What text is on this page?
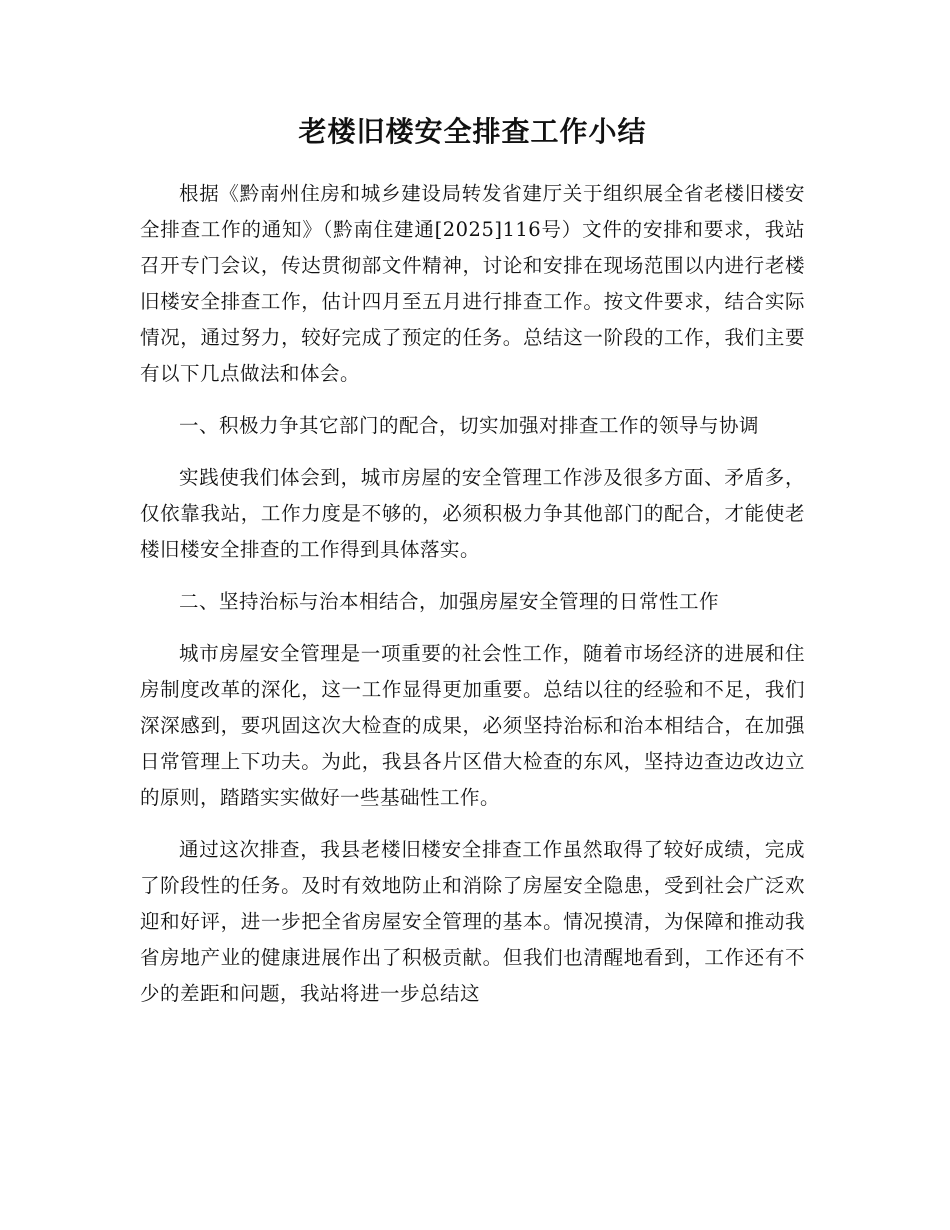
老楼旧楼安全排查工作小结

根据《黔南州住房和城乡建设局转发省建厅关于组织展全省老楼旧楼安全排查工作的通知》（黔南住建通[2025]116号）文件的安排和要求，我站召开专门会议，传达贯彻部文件精神，讨论和安排在现场范围以内进行老楼旧楼安全排查工作，估计四月至五月进行排查工作。按文件要求，结合实际情况，通过努力，较好完成了预定的任务。总结这一阶段的工作，我们主要有以下几点做法和体会。

一、积极力争其它部门的配合，切实加强对排查工作的领导与协调

实践使我们体会到，城市房屋的安全管理工作涉及很多方面、矛盾多，仅依靠我站，工作力度是不够的，必须积极力争其他部门的配合，才能使老楼旧楼安全排查的工作得到具体落实。

二、坚持治标与治本相结合，加强房屋安全管理的日常性工作

城市房屋安全管理是一项重要的社会性工作，随着市场经济的进展和住房制度改革的深化，这一工作显得更加重要。总结以往的经验和不足，我们深深感到，要巩固这次大检查的成果，必须坚持治标和治本相结合，在加强日常管理上下功夫。为此，我县各片区借大检查的东风，坚持边查边改边立的原则，踏踏实实做好一些基础性工作。

通过这次排查，我县老楼旧楼安全排查工作虽然取得了较好成绩，完成了阶段性的任务。及时有效地防止和消除了房屋安全隐患，受到社会广泛欢迎和好评，进一步把全省房屋安全管理的基本。情况摸清，为保障和推动我省房地产业的健康进展作出了积极贡献。但我们也清醒地看到，工作还有不少的差距和问题，我站将进一步总结这
